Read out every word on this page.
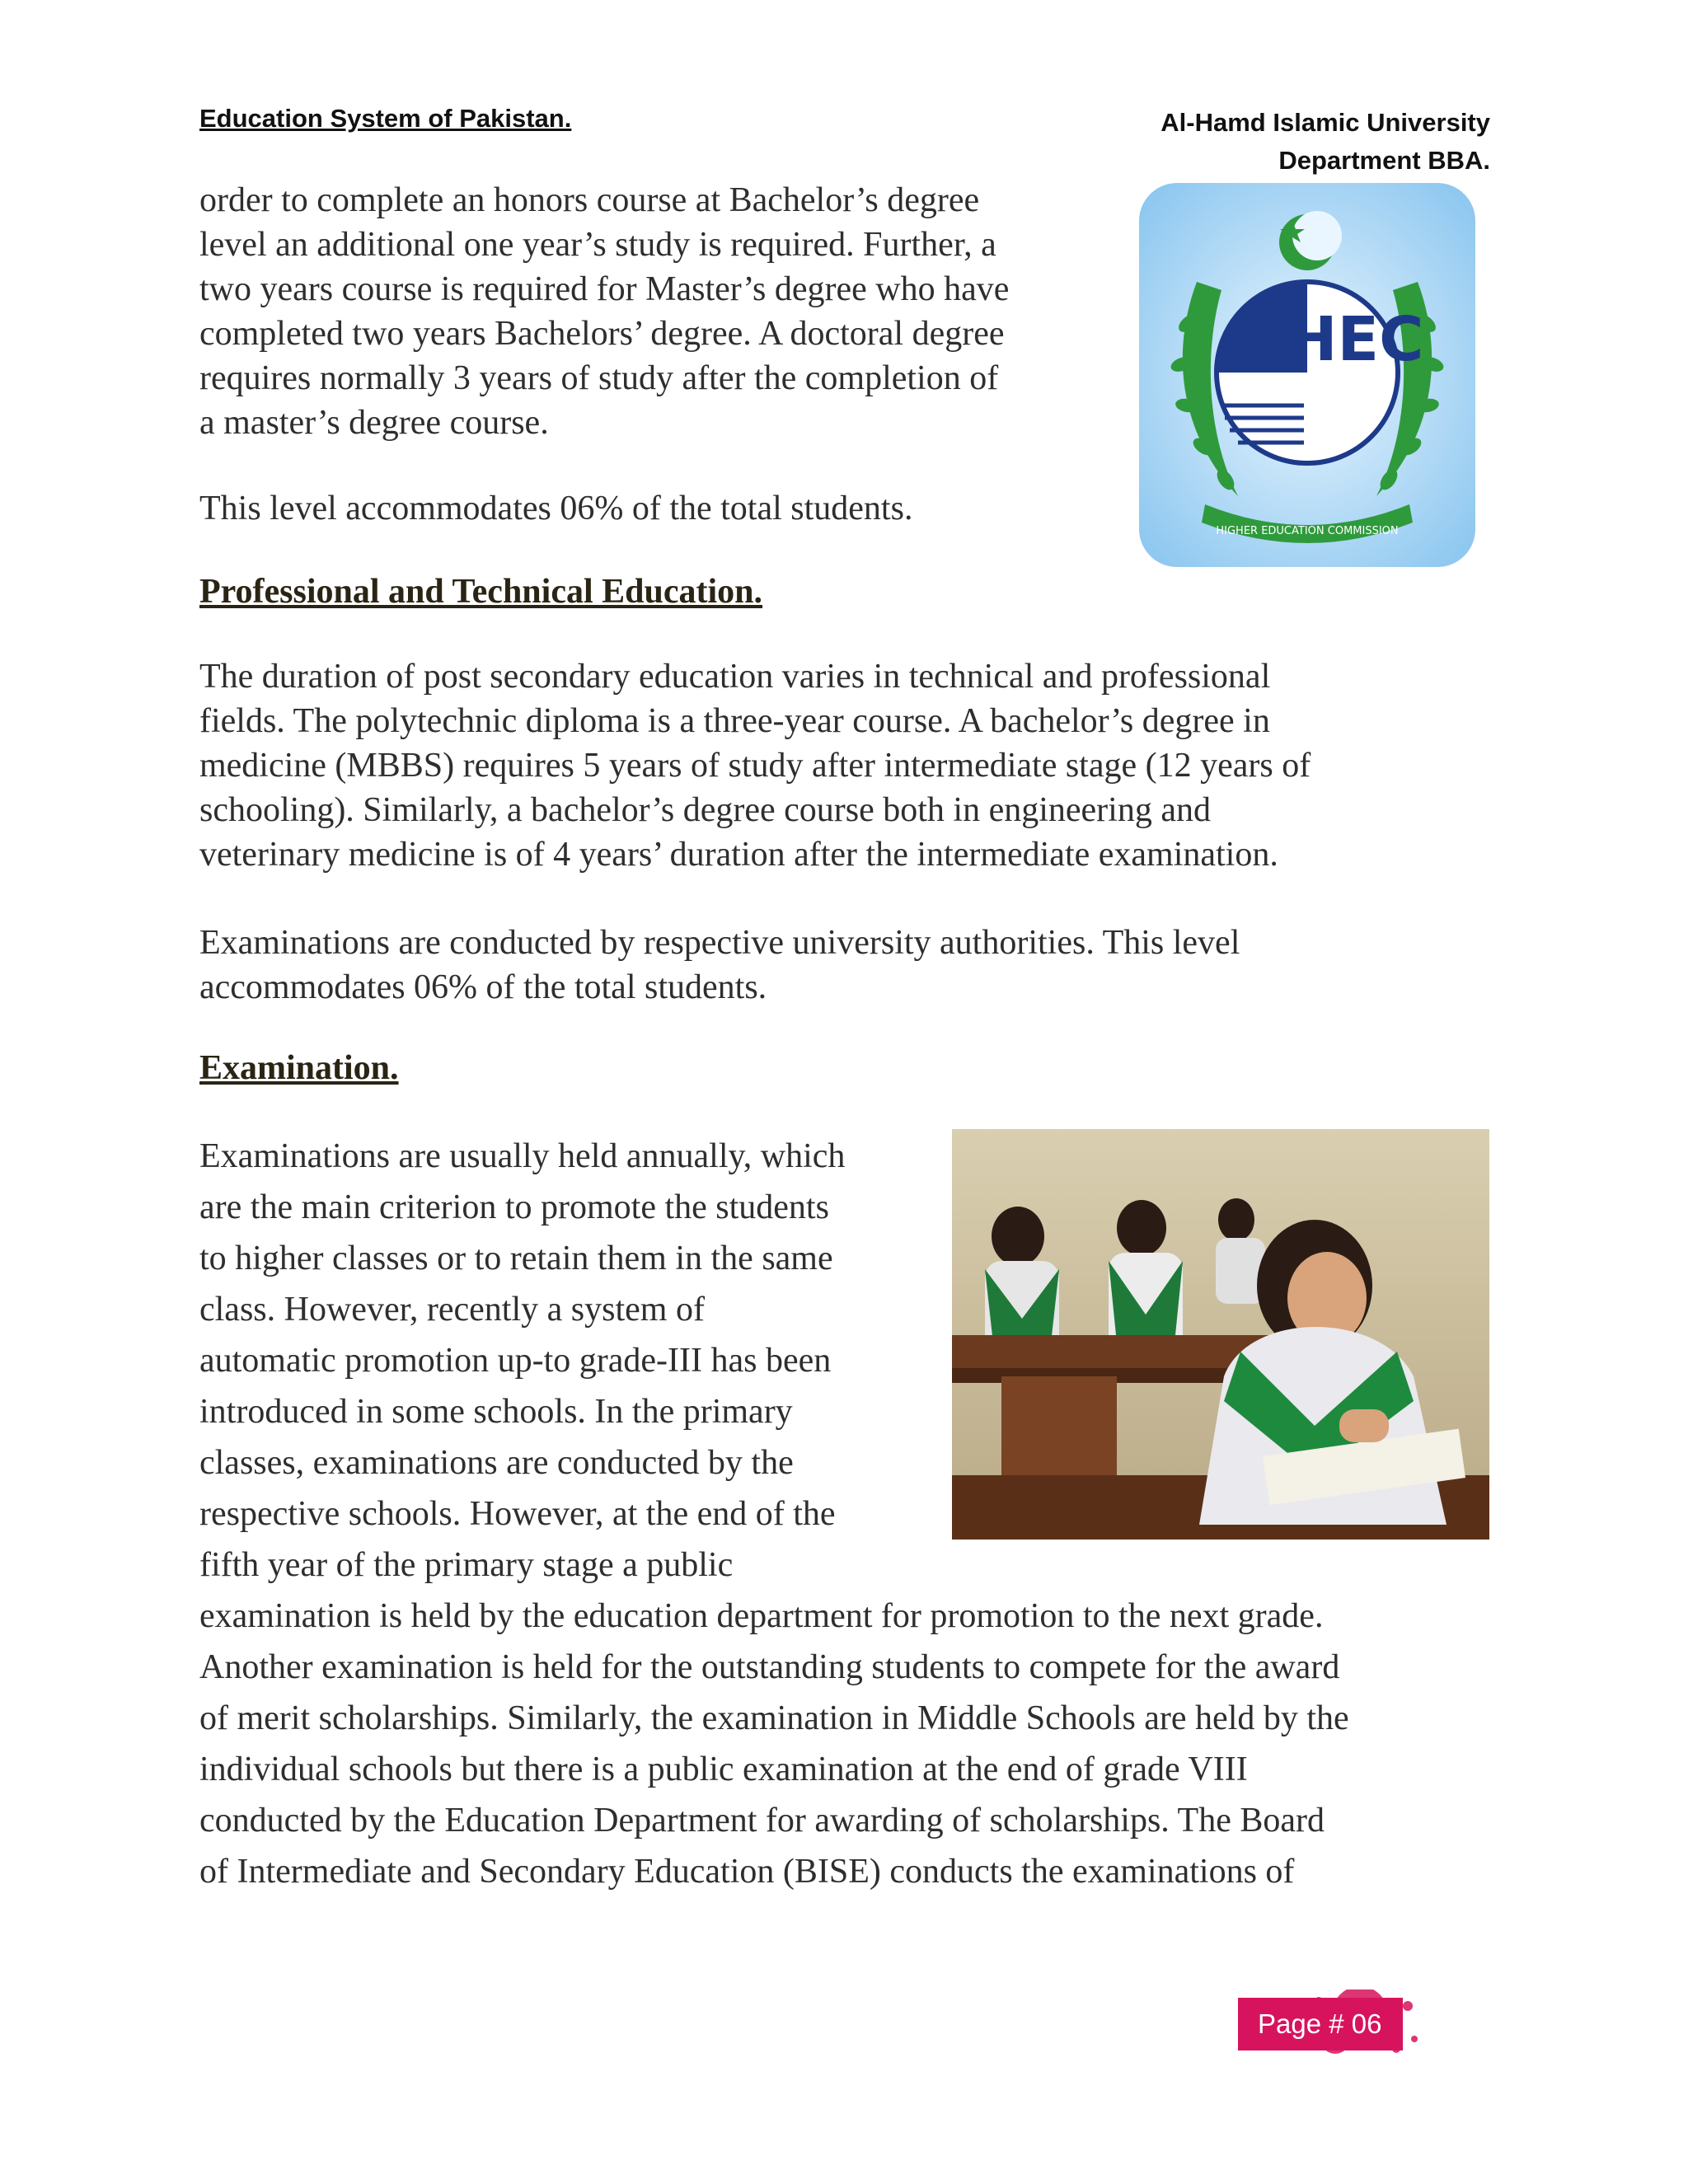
Education System of Pakistan.	Al-Hamd Islamic University
Department BBA.
order to complete an honors course at Bachelor’s degree
level an additional one year’s study is required. Further, a
two years course is required for Master’s degree who have
completed two years Bachelors’ degree. A doctoral degree
requires normally 3 years of study after the completion of
a master’s degree course.
This level accommodates 06% of the total students.
HEC
HIGHER EDUCATION COMMISSION
Professional and Technical Education.
The duration of post secondary education varies in technical and professional
fields. The polytechnic diploma is a three-year course. A bachelor’s degree in
medicine (MBBS) requires 5 years of study after intermediate stage (12 years of
schooling). Similarly, a bachelor’s degree course both in engineering and
veterinary medicine is of 4 years’ duration after the intermediate examination.
Examinations are conducted by respective university authorities. This level
accommodates 06% of the total students.
Examination.
Examinations are usually held annually, which
are the main criterion to promote the students
to higher classes or to retain them in the same
class. However, recently a system of
automatic promotion up-to grade-III has been
introduced in some schools. In the primary
classes, examinations are conducted by the
respective schools. However, at the end of the
fifth year of the primary stage a public
examination is held by the education department for promotion to the next grade.
Another examination is held for the outstanding students to compete for the award
of merit scholarships. Similarly, the examination in Middle Schools are held by the
individual schools but there is a public examination at the end of grade VIII
conducted by the Education Department for awarding of scholarships. The Board
of Intermediate and Secondary Education (BISE) conducts the examinations of
Page # 06
